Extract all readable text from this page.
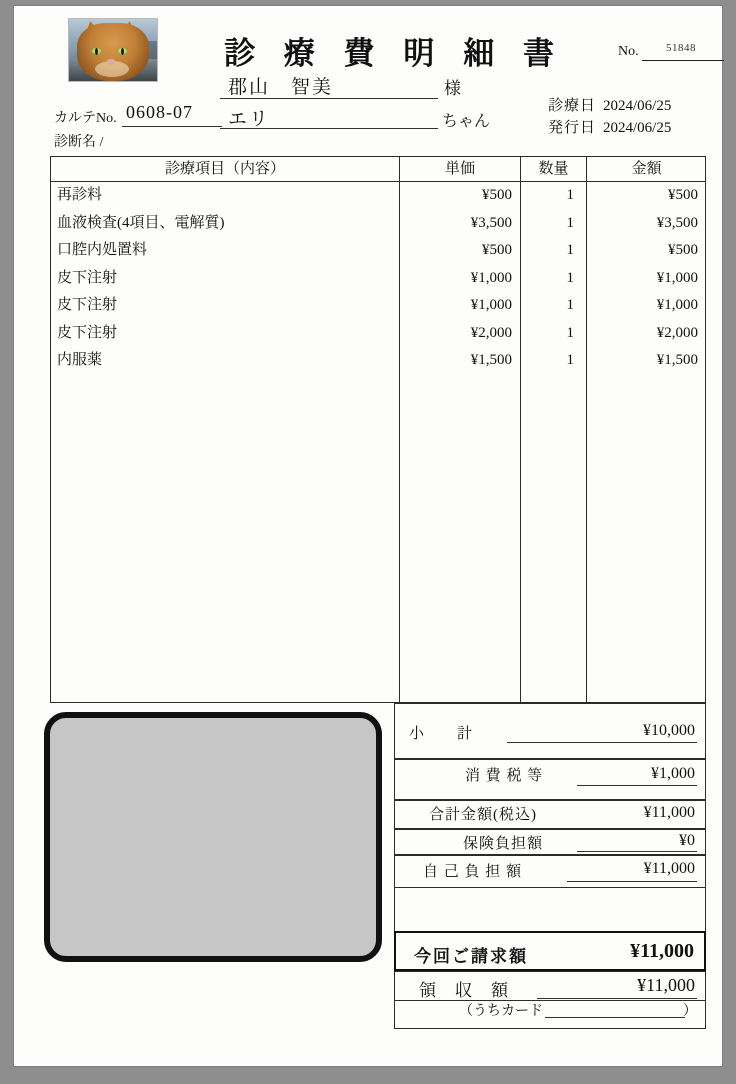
診 療 費 明 細 書	No. 51848
郡山　智美	様
カルテNo. 0608-07 エリ	ちゃん
診断名 /
診療日 2024/06/25
発行日 2024/06/25
診療項目（内容）	単価	数量	金額
再診料	¥500	1	¥500
血液検査(4項目、電解質)	¥3,500	1	¥3,500
口腔内処置料	¥500	1	¥500
皮下注射	¥1,000	1	¥1,000
皮下注射	¥1,000	1	¥1,000
皮下注射	¥2,000	1	¥2,000
内服薬	¥1,500	1	¥1,500
小　　計	¥10,000
消 費 税 等	¥1,000
合計金額(税込)	¥11,000
保険負担額	¥0
自 己 負 担 額	¥11,000
今回ご請求額	¥11,000
領　収　額	¥11,000
（うちカード	）
